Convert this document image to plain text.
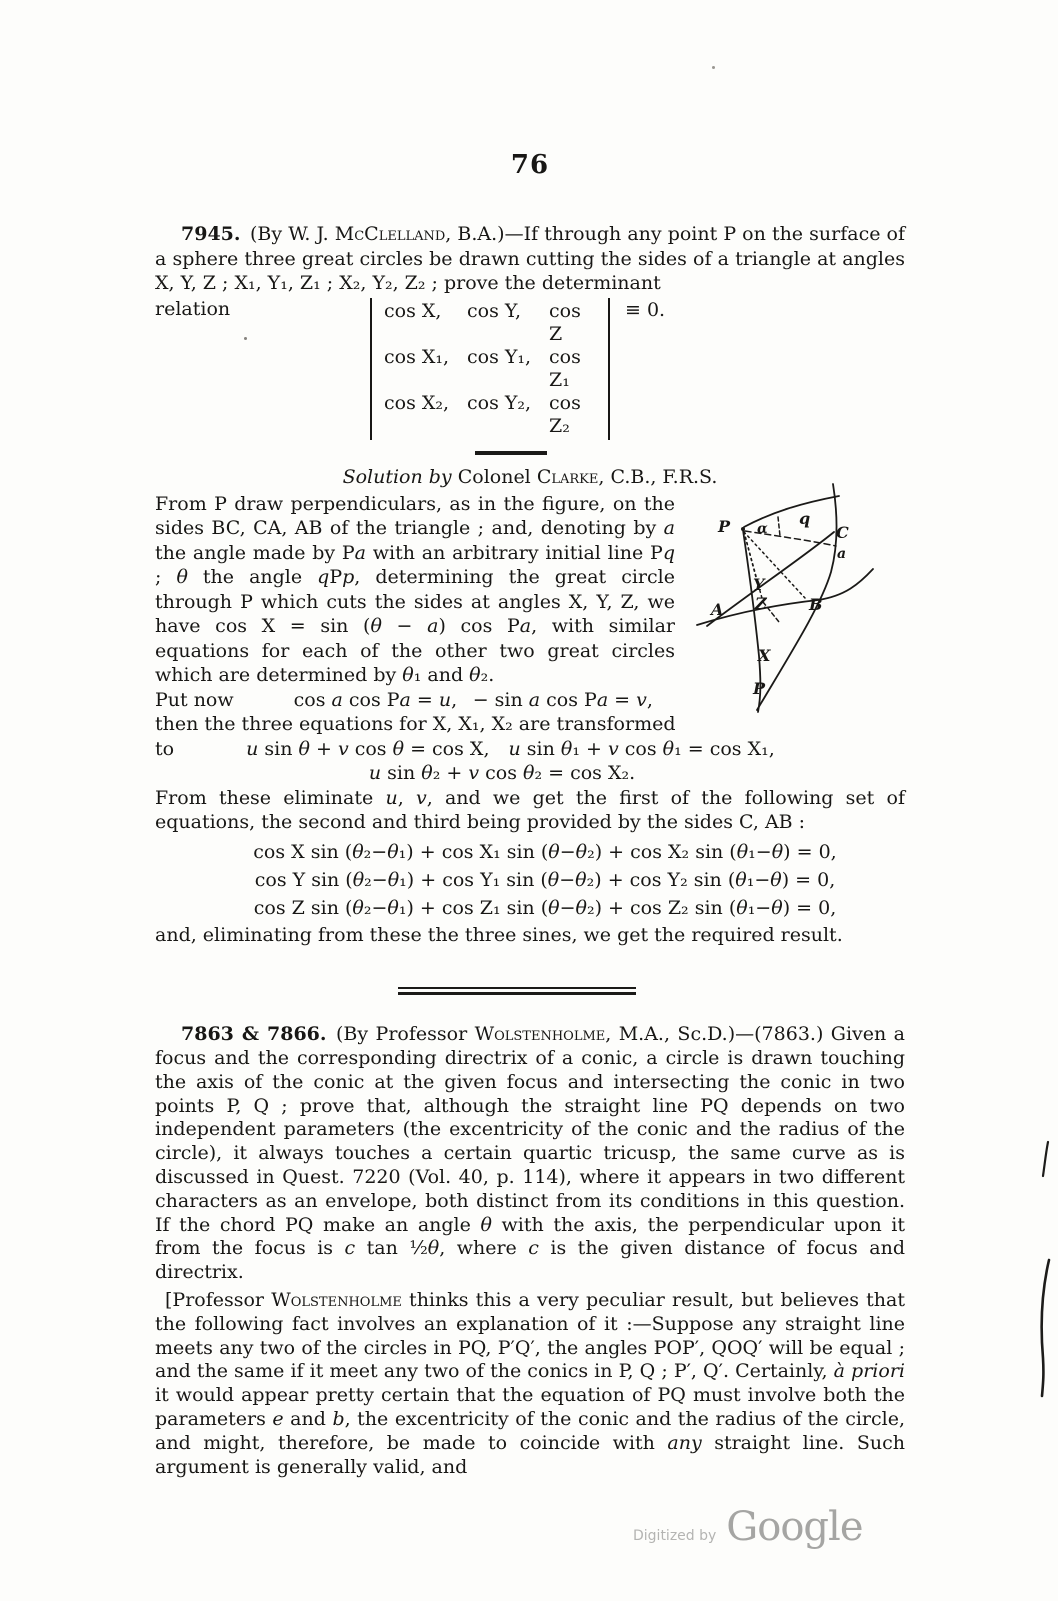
76

7945. (By W. J. McClelland, B.A.)—If through any point P on the surface of a sphere three great circles be drawn cutting the sides of a triangle at angles X, Y, Z ; X₁, Y₁, Z₁ ; X₂, Y₂, Z₂ ; prove the determinant

relation	cos X,	cos Y,	cos Z
cos X₁, cos Y₁, cos Z₁
cos X₂, cos Y₂, cos Z₂
≡ 0.

Solution by Colonel Clarke, C.B., F.R.S.

P α
q
C
a
Y
A Z	B
X
P

From P draw perpendiculars, as in the figure, on the sides BC, CA, AB of the triangle ; and, denoting by a the angle made by Pa with an arbitrary initial line Pq ; θ the angle qPp, determining the great circle through P which cuts the sides at angles X, Y, Z, we have cos X = sin (θ − a) cos Pa, with similar equations for each of the other two great circles which are determined by θ₁ and θ₂.

Put now	cos a cos Pa = u,  − sin a cos Pa = v,

then the three equations for X, X₁, X₂ are transformed

to	u sin θ + v cos θ = cos X, u sin θ₁ + v cos θ₁ = cos X₁,

u sin θ₂ + v cos θ₂ = cos X₂.

From these eliminate u, v, and we get the first of the following set of equations, the second and third being provided by the sides C, AB :

cos X sin (θ₂−θ₁) + cos X₁ sin (θ−θ₂) + cos X₂ sin (θ₁−θ) = 0,
cos Y sin (θ₂−θ₁) + cos Y₁ sin (θ−θ₂) + cos Y₂ sin (θ₁−θ) = 0,
cos Z sin (θ₂−θ₁) + cos Z₁ sin (θ−θ₂) + cos Z₂ sin (θ₁−θ) = 0,

and, eliminating from these the three sines, we get the required result.

7863 & 7866. (By Professor Wolstenholme, M.A., Sc.D.)—(7863.) Given a focus and the corresponding directrix of a conic, a circle is drawn touching the axis of the conic at the given focus and intersecting the conic in two points P, Q ; prove that, although the straight line PQ depends on two independent parameters (the excentricity of the conic and the radius of the circle), it always touches a certain quartic tricusp, the same curve as is discussed in Quest. 7220 (Vol. 40, p. 114), where it appears in two different characters as an envelope, both distinct from its conditions in this question. If the chord PQ make an angle θ with the axis, the perpendicular upon it from the focus is c tan ½θ, where c is the given distance of focus and directrix.

[Professor Wolstenholme thinks this a very peculiar result, but believes that the following fact involves an explanation of it :—Suppose any straight line meets any two of the circles in PQ, P′Q′, the angles POP′, QOQ′ will be equal ; and the same if it meet any two of the conics in P, Q ; P′, Q′. Certainly, à priori it would appear pretty certain that the equation of PQ must involve both the parameters e and b, the excentricity of the conic and the radius of the circle, and might, therefore, be made to coincide with any straight line. Such argument is generally valid, and

Digitized by Google
